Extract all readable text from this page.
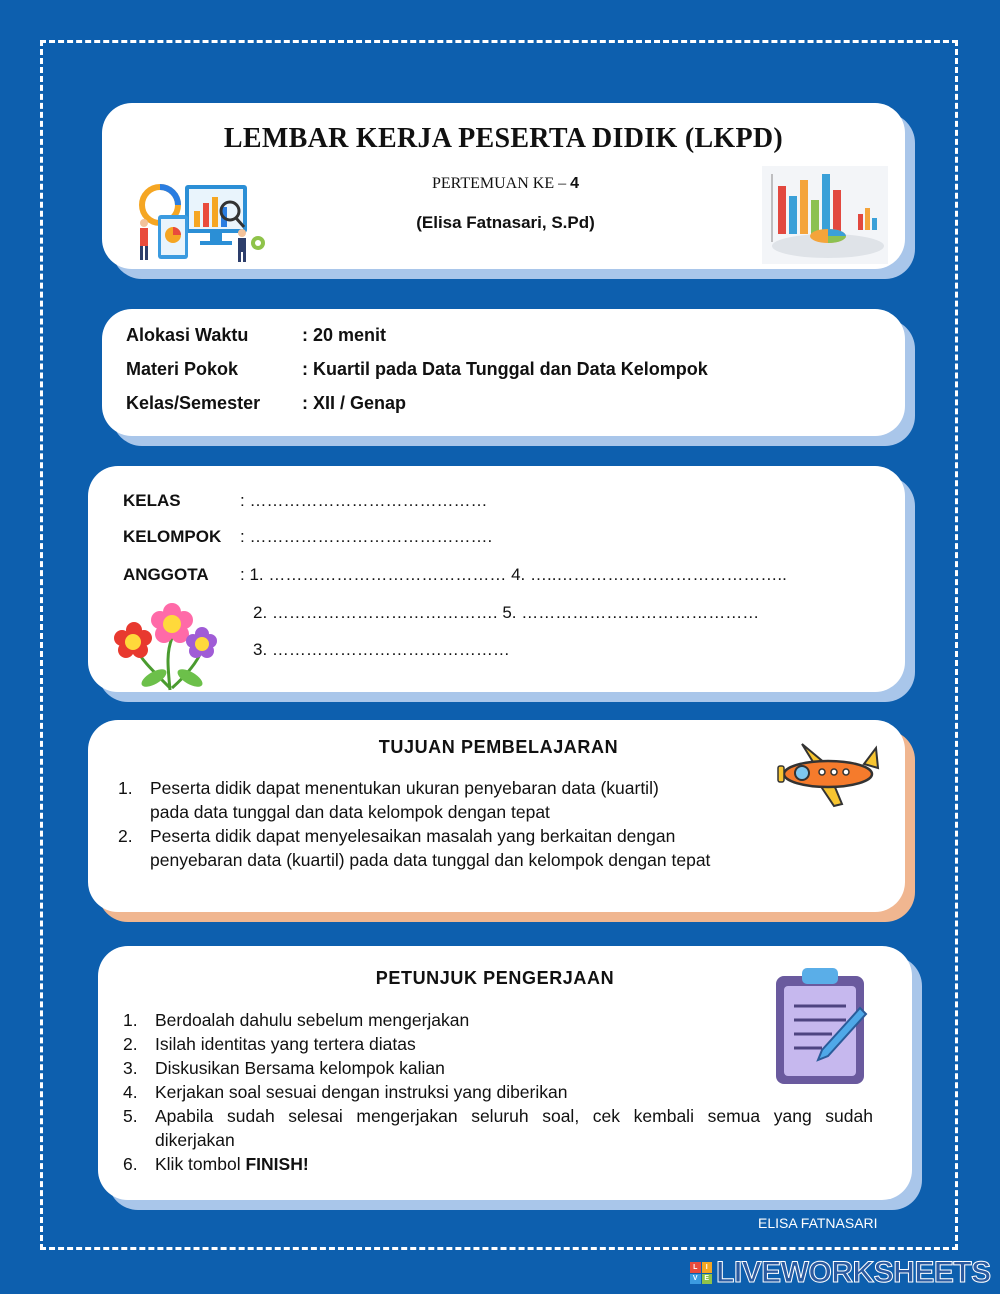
LEMBAR KERJA PESERTA DIDIK (LKPD)
PERTEMUAN KE – 4
(Elisa Fatnasari, S.Pd)
Alokasi Waktu	: 20 menit
Materi Pokok	: Kuartil pada Data Tunggal dan Data Kelompok
Kelas/Semester : XII / Genap
KELAS	: ……………………………………
KELOMPOK : …………………………………….
ANGGOTA : 1. …………………………………… 4. …..…………………………………..
2. …………………………………. 5. ……………………………………
3. ……………………………………
TUJUAN PEMBELAJARAN
1. Peserta didik dapat menentukan ukuran penyebaran data (kuartil)
pada data tunggal dan data kelompok dengan tepat
2. Peserta didik dapat menyelesaikan masalah yang berkaitan dengan
penyebaran data (kuartil) pada data tunggal dan kelompok dengan tepat
PETUNJUK PENGERJAAN
1. Berdoalah dahulu sebelum mengerjakan
2. Isilah identitas yang tertera diatas
3. Diskusikan Bersama kelompok kalian
4. Kerjakan soal sesuai dengan instruksi yang diberikan
5. Apabila sudah selesai mengerjakan seluruh soal, cek kembali semua yang sudah
dikerjakan
6. Klik tombol FINISH!
ELISA FATNASARI
L	I
V E LIVEWORKSHEETS
